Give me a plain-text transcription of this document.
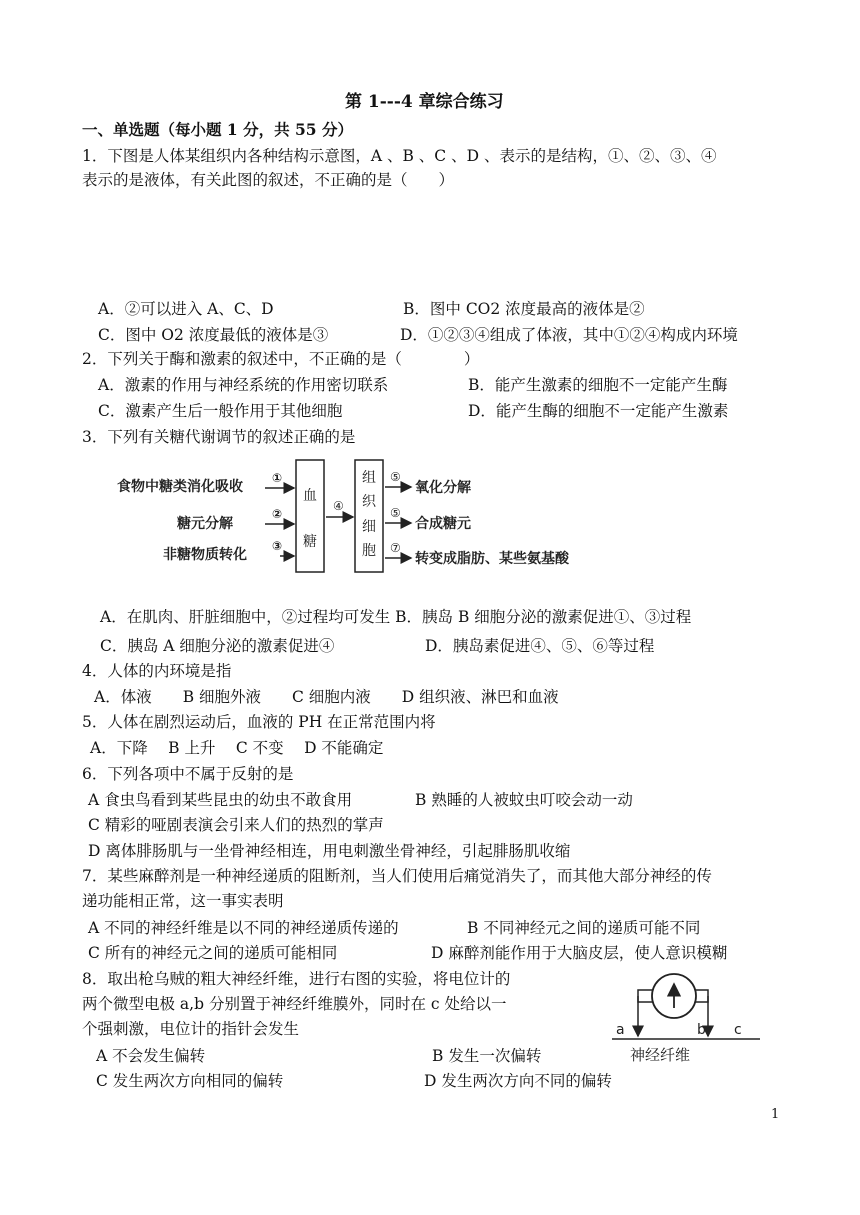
第 1---4 章综合练习
一、单选题（每小题 1 分，共 55 分）
1．下图是人体某组织内各种结构示意图，A 、B 、C 、D 、表示的是结构，①、②、③、④
表示的是液体，有关此图的叙述，不正确的是（　　）
A．②可以进入 A、C、D	B．图中 CO2 浓度最高的液体是②
C．图中 O2 浓度最低的液体是③	D．①②③④组成了体液，其中①②④构成内环境
2．下列关于酶和激素的叙述中，不正确的是（　　　　）
A．激素的作用与神经系统的作用密切联系	B．能产生激素的细胞不一定能产生酶
C．激素产生后一般作用于其他细胞	D．能产生酶的细胞不一定能产生激素
3．下列有关糖代谢调节的叙述正确的是
食物中糖类消化吸收
糖元分解
非糖物质转化
①
②
③
血
糖
④
组
织
细
胞
⑤
⑤
⑦
氧化分解
合成糖元
转变成脂肪、某些氨基酸
A．在肌肉、肝脏细胞中，②过程均可发生 B．胰岛 B 细胞分泌的激素促进①、③过程
C．胰岛 A 细胞分泌的激素促进④	D．胰岛素促进④、⑤、⑥等过程
4．人体的内环境是指
A．体液　　B 细胞外液　　C 细胞内液　　D 组织液、淋巴和血液
5．人体在剧烈运动后，血液的 PH 在正常范围内将
A．下降　 B 上升　 C 不变　 D 不能确定
6．下列各项中不属于反射的是
A 食虫鸟看到某些昆虫的幼虫不敢食用	B 熟睡的人被蚊虫叮咬会动一动
C 精彩的哑剧表演会引来人们的热烈的掌声
D 离体腓肠肌与一坐骨神经相连，用电刺激坐骨神经，引起腓肠肌收缩
7．某些麻醉剂是一种神经递质的阻断剂，当人们使用后痛觉消失了，而其他大部分神经的传
递功能相正常，这一事实表明
A 不同的神经纤维是以不同的神经递质传递的	B 不同神经元之间的递质可能不同
C 所有的神经元之间的递质可能相同	D 麻醉剂能作用于大脑皮层，使人意识模糊
8．取出枪乌贼的粗大神经纤维，进行右图的实验，将电位计的
两个微型电极 a,b 分别置于神经纤维膜外，同时在 c 处给以一
个强刺激，电位计的指针会发生
A 不会发生偏转	B 发生一次偏转
C 发生两次方向相同的偏转	D 发生两次方向不同的偏转
a	b c
神经纤维
1
